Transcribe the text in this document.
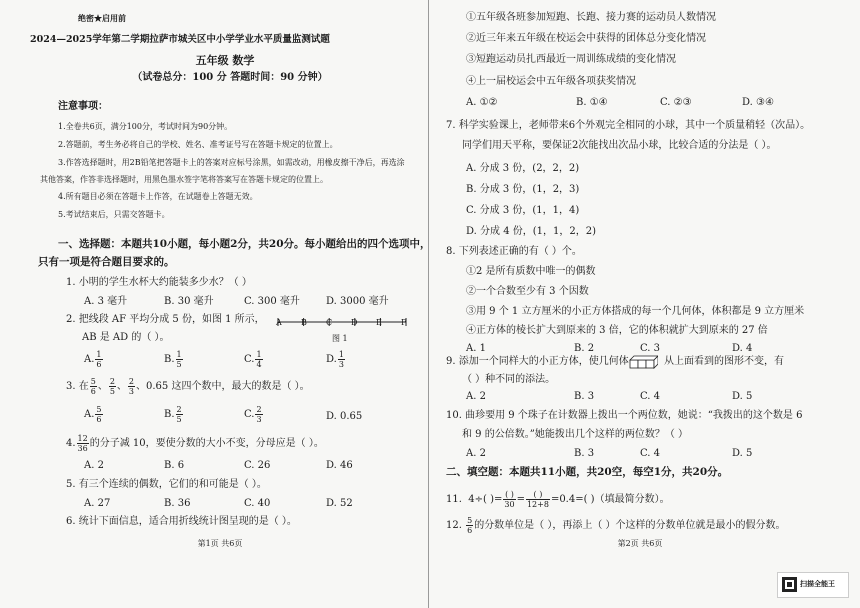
绝密★启用前
2024—2025学年第二学期拉萨市城关区中小学学业水平质量监测试题
五年级 数学
（试卷总分：100 分 答题时间：90 分钟）
注意事项：
1.全卷共6页，满分100分，考试时间为90分钟。
2.答题前，考生务必将自己的学校、姓名、准考证号写在答题卡规定的位置上。
3.作答选择题时，用2B铅笔把答题卡上的答案对应标号涂黑，如需改动，用橡皮擦干净后，再选涂
其他答案，作答非选择题时，用黑色墨水签字笔将答案写在答题卡规定的位置上。
4.所有题目必须在答题卡上作答，在试题卷上答题无效。
5.考试结束后，只需交答题卡。
一、选择题：本题共10小题，每小题2分，共20分。每小题给出的四个选项中，
只有一项是符合题目要求的。
1. 小明的学生水杯大约能装多少水？（ ）
A. 3 毫升	B. 30 毫升	C. 300 毫升	D. 3000 毫升
2. 把线段 AF 平均分成 5 份，如图 1 所示，
AB 是 AD 的（ ）。
A B C D E F
图 1
A. $\frac{1}{6}$	B. $\frac{1}{5}$	C. $\frac{1}{4}$	D. $\frac{1}{3}$
3. 在 $\frac{5}{6}$ 、 $\frac{2}{5}$ 、 $\frac{2}{3}$ 、0.65 这四个数中，最大的数是（ ）。
A. $\frac{5}{6}$	B. $\frac{2}{5}$	C. $\frac{2}{3}$	D. 0.65
4. $\frac{12}{36}$ 的分子减 10，要使分数的大小不变，分母应是（ ）。
A. 2	B. 6	C. 26	D. 46
5. 有三个连续的偶数，它们的和可能是（ ）。
A. 27	B. 36	C. 40	D. 52
6. 统计下面信息，适合用折线统计图呈现的是（ ）。
第1页 共6页
①五年级各班参加短跑、长跑、接力赛的运动员人数情况
②近三年来五年级在校运会中获得的团体总分变化情况
③短跑运动员扎西最近一周训练成绩的变化情况
④上一届校运会中五年级各项获奖情况
A. ①②	B. ①④	C. ②③	D. ③④
7. 科学实验课上，老师带来6个外观完全相同的小球，其中一个质量稍轻（次品）。
同学们用天平称，要保证2次能找出次品小球，比较合适的分法是（ ）。
A. 分成 3 份，(2，2，2)
B. 分成 3 份，(1，2，3)
C. 分成 3 份，(1，1，4)
D. 分成 4 份，(1，1，2，2)
8. 下列表述正确的有（ ）个。
①2 是所有质数中唯一的偶数
②一个合数至少有 3 个因数
③用 9 个 1 立方厘米的小正方体搭成的每一个几何体，体积都是 9 立方厘米
④正方体的棱长扩大到原来的 3 倍，它的体积就扩大到原来的 27 倍
A. 1	B. 2	C. 3	D. 4
9. 添加一个同样大的小正方体，使几何体	从上面看到的图形不变，有
（ ）种不同的添法。
A. 2	B. 3	C. 4	D. 5
10. 曲珍要用 9 个珠子在计数器上拨出一个两位数，她说：“我拨出的这个数是 6
和 9 的公倍数。”她能拨出几个这样的两位数？（ ）
A. 2	B. 3	C. 4	D. 5
二、填空题：本题共11小题，共20空，每空1分，共20分。
11. 4÷( )= $\frac{( )}{30} = \frac{( )}{12+8} =0.4=$( )（填最简分数）。
12. $\frac{5}{6}$ 的分数单位是（ ），再添上（ ）个这样的分数单位就是最小的假分数。
第2页 共6页
扫描全能王
